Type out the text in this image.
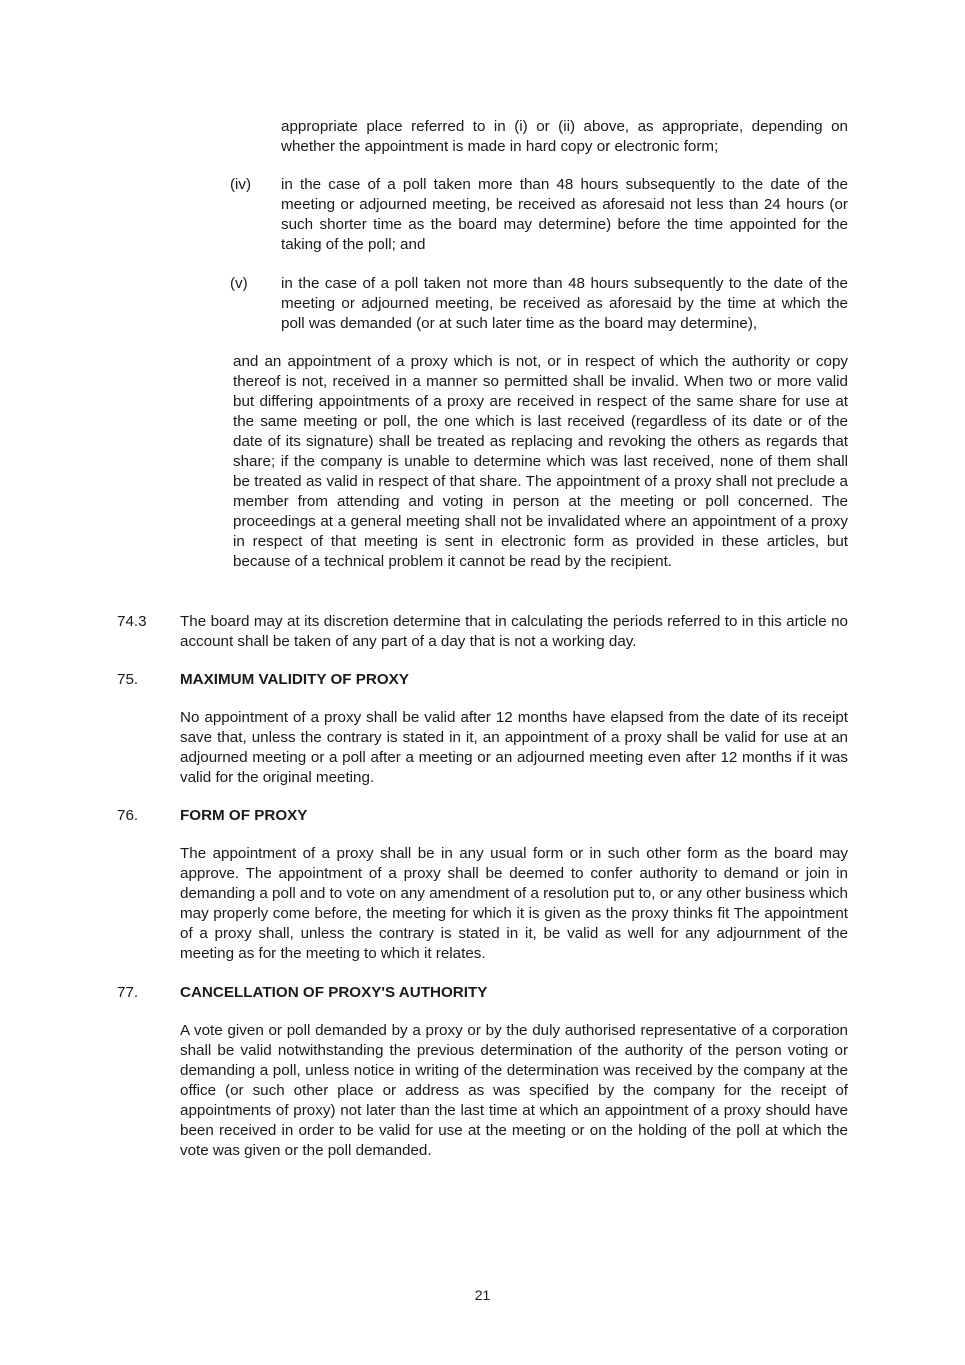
appropriate place referred to in (i) or (ii) above, as appropriate, depending on whether the appointment is made in hard copy or electronic form;

(iv) in the case of a poll taken more than 48 hours subsequently to the date of the meeting or adjourned meeting, be received as aforesaid not less than 24 hours (or such shorter time as the board may determine) before the time appointed for the taking of the poll; and

(v) in the case of a poll taken not more than 48 hours subsequently to the date of the meeting or adjourned meeting, be received as aforesaid by the time at which the poll was demanded (or at such later time as the board may determine),

and an appointment of a proxy which is not, or in respect of which the authority or copy thereof is not, received in a manner so permitted shall be invalid. When two or more valid but differing appointments of a proxy are received in respect of the same share for use at the same meeting or poll, the one which is last received (regardless of its date or of the date of its signature) shall be treated as replacing and revoking the others as regards that share; if the company is unable to determine which was last received, none of them shall be treated as valid in respect of that share. The appointment of a proxy shall not preclude a member from attending and voting in person at the meeting or poll concerned. The proceedings at a general meeting shall not be invalidated where an appointment of a proxy in respect of that meeting is sent in electronic form as provided in these articles, but because of a technical problem it cannot be read by the recipient.

74.3 The board may at its discretion determine that in calculating the periods referred to in this article no account shall be taken of any part of a day that is not a working day.

75.	MAXIMUM VALIDITY OF PROXY

No appointment of a proxy shall be valid after 12 months have elapsed from the date of its receipt save that, unless the contrary is stated in it, an appointment of a proxy shall be valid for use at an adjourned meeting or a poll after a meeting or an adjourned meeting even after 12 months if it was valid for the original meeting.

76.	FORM OF PROXY

The appointment of a proxy shall be in any usual form or in such other form as the board may approve. The appointment of a proxy shall be deemed to confer authority to demand or join in demanding a poll and to vote on any amendment of a resolution put to, or any other business which may properly come before, the meeting for which it is given as the proxy thinks fit The appointment of a proxy shall, unless the contrary is stated in it, be valid as well for any adjournment of the meeting as for the meeting to which it relates.

77.	CANCELLATION OF PROXY'S AUTHORITY

A vote given or poll demanded by a proxy or by the duly authorised representative of a corporation shall be valid notwithstanding the previous determination of the authority of the person voting or demanding a poll, unless notice in writing of the determination was received by the company at the office (or such other place or address as was specified by the company for the receipt of appointments of proxy) not later than the last time at which an appointment of a proxy should have been received in order to be valid for use at the meeting or on the holding of the poll at which the vote was given or the poll demanded.

21
